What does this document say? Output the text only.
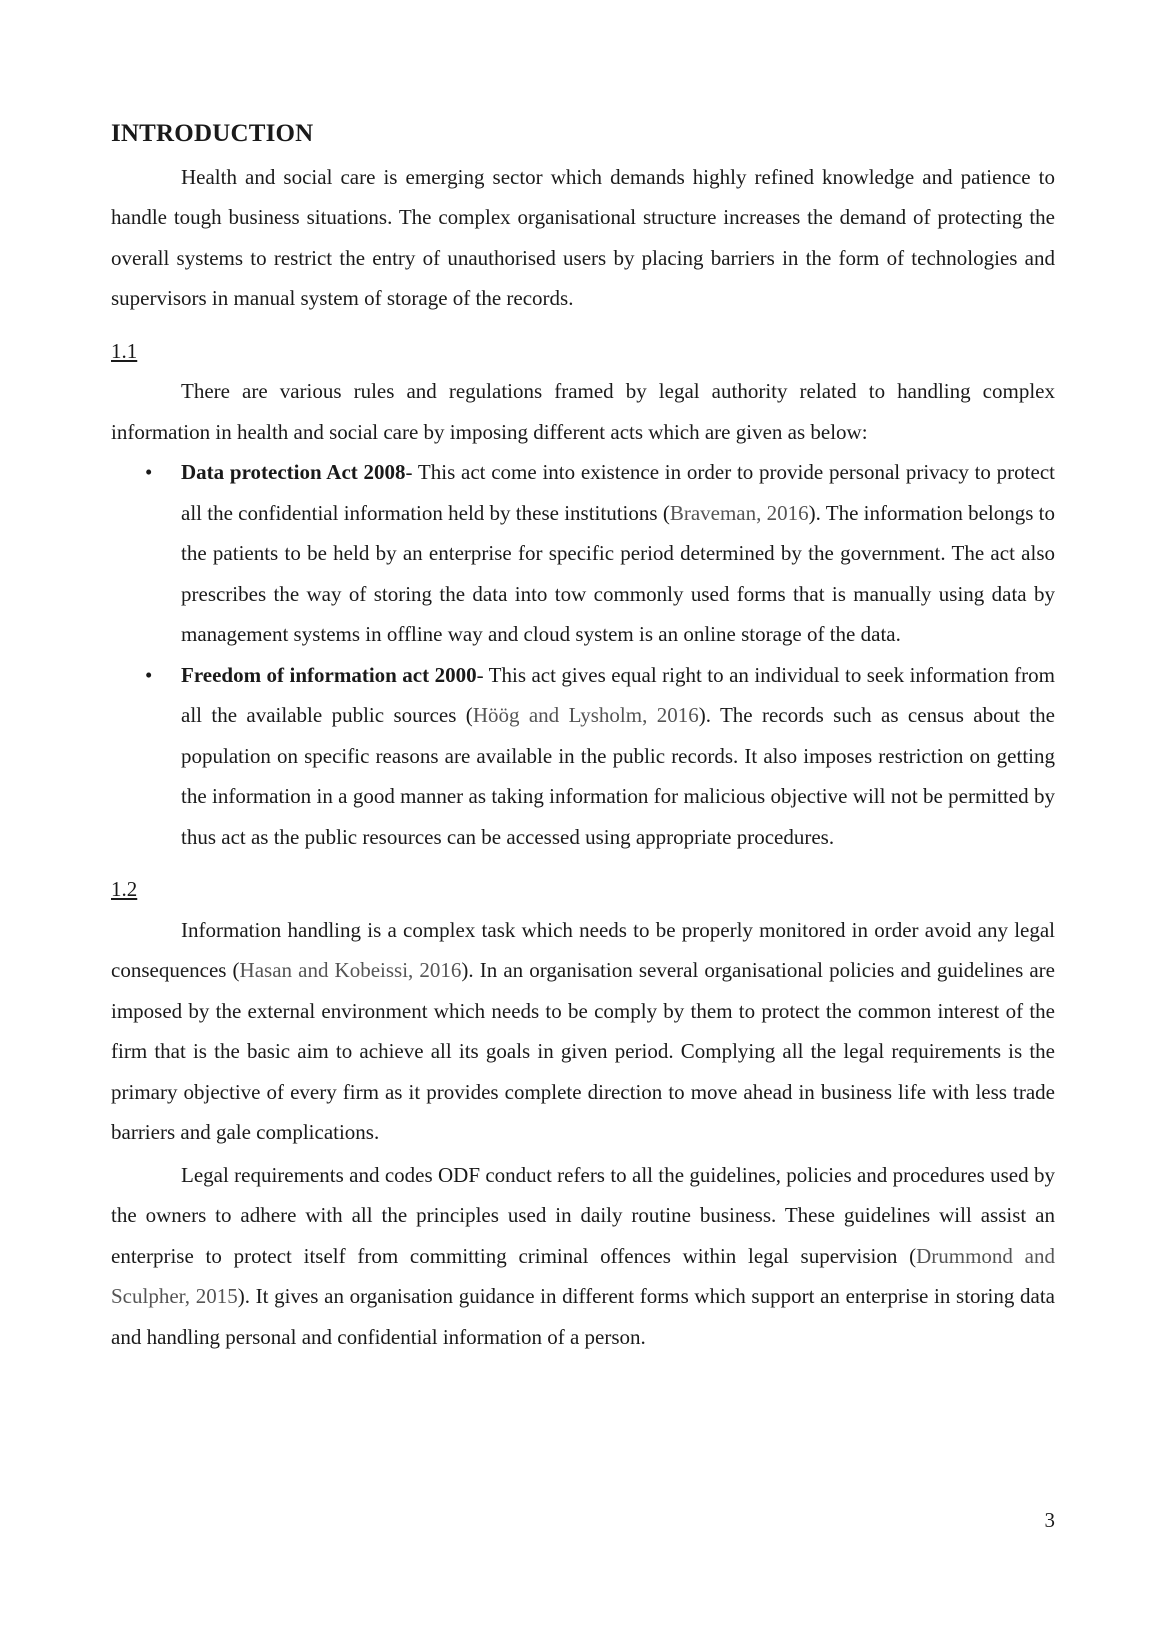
INTRODUCTION

Health and social care is emerging sector which demands highly refined knowledge and patience to handle tough business situations. The complex organisational structure increases the demand of protecting the overall systems to restrict the entry of unauthorised users by placing barriers in the form of technologies and supervisors in manual system of storage of the records.

1.1

There are various rules and regulations framed by legal authority related to handling complex information in health and social care by imposing different acts which are given as below:

• Data protection Act 2008- This act come into existence in order to provide personal privacy to protect all the confidential information held by these institutions (Braveman, 2016). The information belongs to the patients to be held by an enterprise for specific period determined by the government. The act also prescribes the way of storing the data into tow commonly used forms that is manually using data by management systems in offline way and cloud system is an online storage of the data.
• Freedom of information act 2000- This act gives equal right to an individual to seek information from all the available public sources (Höög and Lysholm, 2016). The records such as census about the population on specific reasons are available in the public records. It also imposes restriction on getting the information in a good manner as taking information for malicious objective will not be permitted by thus act as the public resources can be accessed using appropriate procedures.
1.2

Information handling is a complex task which needs to be properly monitored in order avoid any legal consequences (Hasan and Kobeissi, 2016). In an organisation several organisational policies and guidelines are imposed by the external environment which needs to be comply by them to protect the common interest of the firm that is the basic aim to achieve all its goals in given period. Complying all the legal requirements is the primary objective of every firm as it provides complete direction to move ahead in business life with less trade barriers and gale complications.

Legal requirements and codes ODF conduct refers to all the guidelines, policies and procedures used by the owners to adhere with all the principles used in daily routine business. These guidelines will assist an enterprise to protect itself from committing criminal offences within legal supervision (Drummond and Sculpher, 2015). It gives an organisation guidance in different forms which support an enterprise in storing data and handling personal and confidential information of a person.

3
